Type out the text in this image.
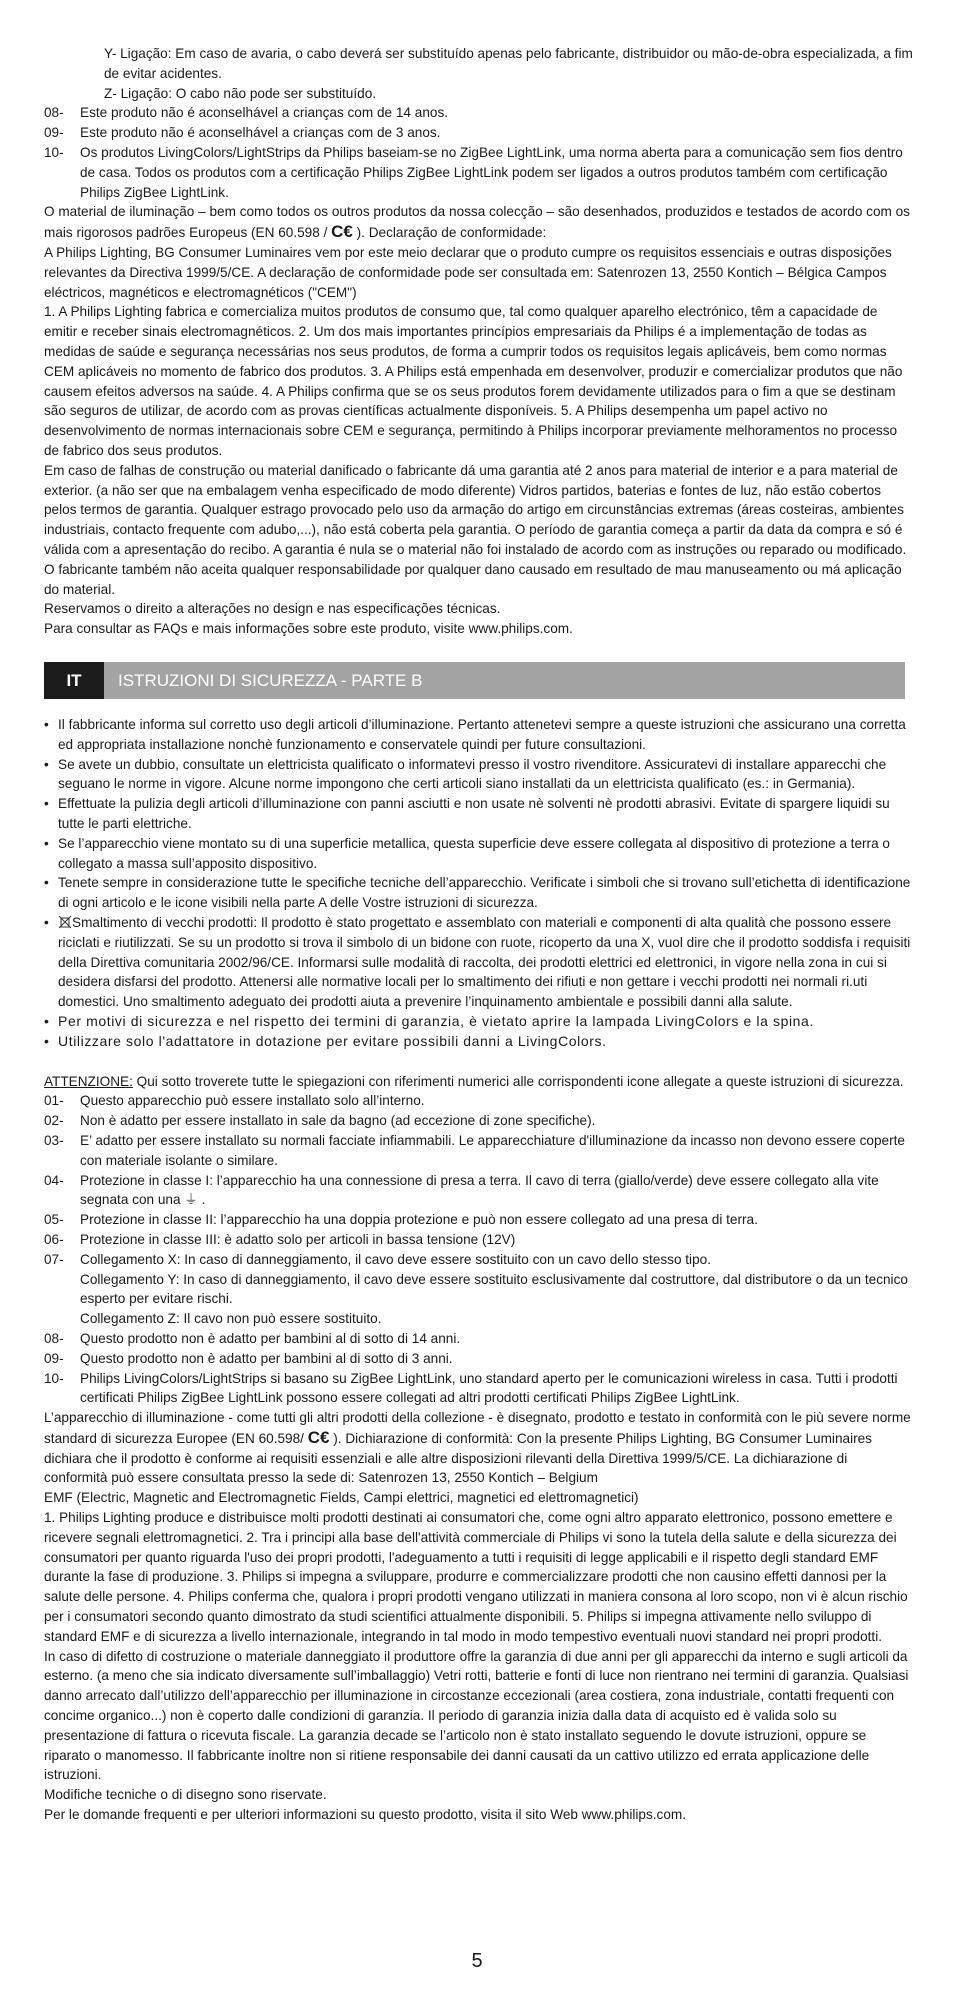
Y- Ligação: Em caso de avaria, o cabo deverá ser substituído apenas pelo fabricante, distribuidor ou mão-de-obra especializada, a fim de evitar acidentes.

Z- Ligação: O cabo não pode ser substituído.

08-	Este produto não é aconselhável a crianças com de 14 anos.
09-	Este produto não é aconselhável a crianças com de 3 anos.
10-	Os produtos LivingColors/LightStrips da Philips baseiam-se no ZigBee LightLink, uma norma aberta para a comunicação sem fios dentro de casa. Todos os produtos com a certificação Philips ZigBee LightLink podem ser ligados a outros produtos também com certificação Philips ZigBee LightLink.

O material de iluminação – bem como todos os outros produtos da nossa colecção – são desenhados, produzidos e testados de acordo com os mais rigorosos padrões Europeus (EN 60.598 / C€ ). Declaração de conformidade:

A Philips Lighting, BG Consumer Luminaires vem por este meio declarar que o produto cumpre os requisitos essenciais e outras disposições relevantes da Directiva 1999/5/CE. A declaração de conformidade pode ser consultada em: Satenrozen 13, 2550 Kontich – Bélgica Campos eléctricos, magnéticos e electromagnéticos ("CEM")

1. A Philips Lighting fabrica e comercializa muitos produtos de consumo que, tal como qualquer aparelho electrónico, têm a capacidade de emitir e receber sinais electromagnéticos. 2. Um dos mais importantes princípios empresariais da Philips é a implementação de todas as medidas de saúde e segurança necessárias nos seus produtos, de forma a cumprir todos os requisitos legais aplicáveis, bem como normas CEM aplicáveis no momento de fabrico dos produtos. 3. A Philips está empenhada em desenvolver, produzir e comercializar produtos que não causem efeitos adversos na saúde. 4. A Philips confirma que se os seus produtos forem devidamente utilizados para o fim a que se destinam são seguros de utilizar, de acordo com as provas científicas actualmente disponíveis. 5. A Philips desempenha um papel activo no desenvolvimento de normas internacionais sobre CEM e segurança, permitindo à Philips incorporar previamente melhoramentos no processo de fabrico dos seus produtos.

Em caso de falhas de construção ou material danificado o fabricante dá uma garantia até 2 anos para material de interior e a para material de exterior. (a não ser que na embalagem venha especificado de modo diferente) Vidros partidos, baterias e fontes de luz, não estão cobertos pelos termos de garantia. Qualquer estrago provocado pelo uso da armação do artigo em circunstâncias extremas (áreas costeiras, ambientes industriais, contacto frequente com adubo,...), não está coberta pela garantia. O período de garantia começa a partir da data da compra e só é válida com a apresentação do recibo. A garantia é nula se o material não foi instalado de acordo com as instruções ou reparado ou modificado. O fabricante também não aceita qualquer responsabilidade por qualquer dano causado em resultado de mau manuseamento ou má aplicação do material.

Reservamos o direito a alterações no design e nas especificações técnicas.

Para consultar as FAQs e mais informações sobre este produto, visite www.philips.com.

IT	ISTRUZIONI DI SICUREZZA - PARTE B
• Il fabbricante informa sul corretto uso degli articoli d’illuminazione. Pertanto attenetevi sempre a queste istruzioni che assicurano una corretta ed appropriata installazione nonchè funzionamento e conservatele quindi per future consultazioni.
• Se avete un dubbio, consultate un elettricista qualificato o informatevi presso il vostro rivenditore. Assicuratevi di installare apparecchi che seguano le norme in vigore. Alcune norme impongono che certi articoli siano installati da un elettricista qualificato (es.: in Germania).
• Effettuate la pulizia degli articoli d’illuminazione con panni asciutti e non usate nè solventi nè prodotti abrasivi. Evitate di spargere liquidi su tutte le parti elettriche.
• Se l’apparecchio viene montato su di una superficie metallica, questa superficie deve essere collegata al dispositivo di protezione a terra o collegato a massa sull’apposito dispositivo.
• Tenete sempre in considerazione tutte le specifiche tecniche dell’apparecchio. Verificate i simboli che si trovano sull’etichetta di identificazione di ogni articolo e le icone visibili nella parte A delle Vostre istruzioni di sicurezza.
•	Smaltimento di vecchi prodotti: Il prodotto è stato progettato e assemblato con materiali e componenti di alta qualità che possono essere riciclati e riutilizzati. Se su un prodotto si trova il simbolo di un bidone con ruote, ricoperto da una X, vuol dire che il prodotto soddisfa i requisiti della Direttiva comunitaria 2002/96/CE. Informarsi sulle modalità di raccolta, dei prodotti elettrici ed elettronici, in vigore nella zona in cui si desidera disfarsi del prodotto. Attenersi alle normative locali per lo smaltimento dei rifiuti e non gettare i vecchi prodotti nei normali ri.uti domestici. Uno smaltimento adeguato dei prodotti aiuta a prevenire l’inquinamento ambientale e possibili danni alla salute.
• Per motivi di sicurezza e nel rispetto dei termini di garanzia, è vietato aprire la lampada LivingColors e la spina.
• Utilizzare solo l'adattatore in dotazione per evitare possibili danni a LivingColors.

ATTENZIONE: Qui sotto troverete tutte le spiegazioni con riferimenti numerici alle corrispondenti icone allegate a queste istruzioni di sicurezza.

01-	Questo apparecchio può essere installato solo all’interno.
02-	Non è adatto per essere installato in sale da bagno (ad eccezione di zone specifiche).
03-	E’ adatto per essere installato su normali facciate infiammabili. Le apparecchiature d'illuminazione da incasso non devono essere coperte con materiale isolante o similare.
04-	Protezione in classe I: l’apparecchio ha una connessione di presa a terra. Il cavo di terra (giallo/verde) deve essere collegato alla vite segnata con una ⏚ .
05-	Protezione in classe II: l’apparecchio ha una doppia protezione e può non essere collegato ad una presa di terra.
06-	Protezione in classe III: è adatto solo per articoli in bassa tensione (12V)
07-	Collegamento X: In caso di danneggiamento, il cavo deve essere sostituito con un cavo dello stesso tipo.

Collegamento Y: In caso di danneggiamento, il cavo deve essere sostituito esclusivamente dal costruttore, dal distributore o da un tecnico esperto per evitare rischi.

Collegamento Z: Il cavo non può essere sostituito.

08-	Questo prodotto non è adatto per bambini al di sotto di 14 anni.
09-	Questo prodotto non è adatto per bambini al di sotto di 3 anni.
10-	Philips LivingColors/LightStrips si basano su ZigBee LightLink, uno standard aperto per le comunicazioni wireless in casa. Tutti i prodotti certificati Philips ZigBee LightLink possono essere collegati ad altri prodotti certificati Philips ZigBee LightLink.

L’apparecchio di illuminazione - come tutti gli altri prodotti della collezione - è disegnato, prodotto e testato in conformità con le più severe norme standard di sicurezza Europee (EN 60.598/ C€ ). Dichiarazione di conformità: Con la presente Philips Lighting, BG Consumer Luminaires dichiara che il prodotto è conforme ai requisiti essenziali e alle altre disposizioni rilevanti della Direttiva 1999/5/CE. La dichiarazione di conformità può essere consultata presso la sede di: Satenrozen 13, 2550 Kontich – Belgium

EMF (Electric, Magnetic and Electromagnetic Fields, Campi elettrici, magnetici ed elettromagnetici)

1. Philips Lighting produce e distribuisce molti prodotti destinati ai consumatori che, come ogni altro apparato elettronico, possono emettere e ricevere segnali elettromagnetici. 2. Tra i principi alla base dell'attività commerciale di Philips vi sono la tutela della salute e della sicurezza dei consumatori per quanto riguarda l'uso dei propri prodotti, l'adeguamento a tutti i requisiti di legge applicabili e il rispetto degli standard EMF durante la fase di produzione. 3. Philips si impegna a sviluppare, produrre e commercializzare prodotti che non causino effetti dannosi per la salute delle persone. 4. Philips conferma che, qualora i propri prodotti vengano utilizzati in maniera consona al loro scopo, non vi è alcun rischio per i consumatori secondo quanto dimostrato da studi scientifici attualmente disponibili. 5. Philips si impegna attivamente nello sviluppo di standard EMF e di sicurezza a livello internazionale, integrando in tal modo in modo tempestivo eventuali nuovi standard nei propri prodotti.

In caso di difetto di costruzione o materiale danneggiato il produttore offre la garanzia di due anni per gli apparecchi da interno e sugli articoli da esterno. (a meno che sia indicato diversamente sull’imballaggio) Vetri rotti, batterie e fonti di luce non rientrano nei termini di garanzia. Qualsiasi danno arrecato dall’utilizzo dell’apparecchio per illuminazione in circostanze eccezionali (area costiera, zona industriale, contatti frequenti con concime organico...) non è coperto dalle condizioni di garanzia. Il periodo di garanzia inizia dalla data di acquisto ed è valida solo su presentazione di fattura o ricevuta fiscale. La garanzia decade se l’articolo non è stato installato seguendo le dovute istruzioni, oppure se riparato o manomesso. Il fabbricante inoltre non si ritiene responsabile dei danni causati da un cattivo utilizzo ed errata applicazione delle istruzioni.

Modifiche tecniche o di disegno sono riservate.

Per le domande frequenti e per ulteriori informazioni su questo prodotto, visita il sito Web www.philips.com.

5
